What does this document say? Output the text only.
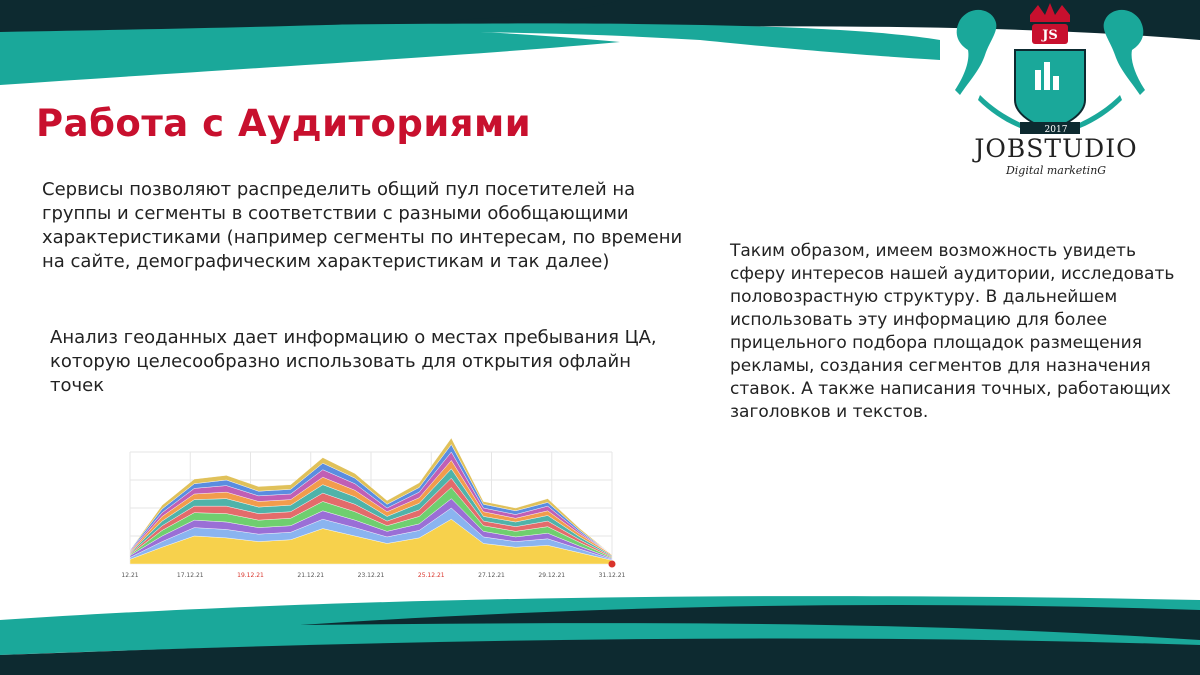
Работа с Аудиториями
Сервисы позволяют распределить общий пул посетителей на группы и сегменты в соответствии с разными обобщающими характеристиками (например сегменты по интересам, по времени на сайте, демографическим характеристикам и так далее)
Анализ геоданных дает информацию о местах пребывания ЦА, которую целесообразно использовать для открытия офлайн точек
Таким образом, имеем возможность увидеть сферу интересов нашей аудитории, исследовать половозрастную структуру. В дальнейшем использовать эту информацию для более прицельного подбора площадок размещения рекламы, создания сегментов для назначения ставок. А также написания точных, работающих заголовков и текстов.
12.21	17.12.21	19.12.21	21.12.21	23.12.21	25.12.21	27.12.21	29.12.21	31.12.21
JS
2017
JOBSTUDIO
Digital marketinG
